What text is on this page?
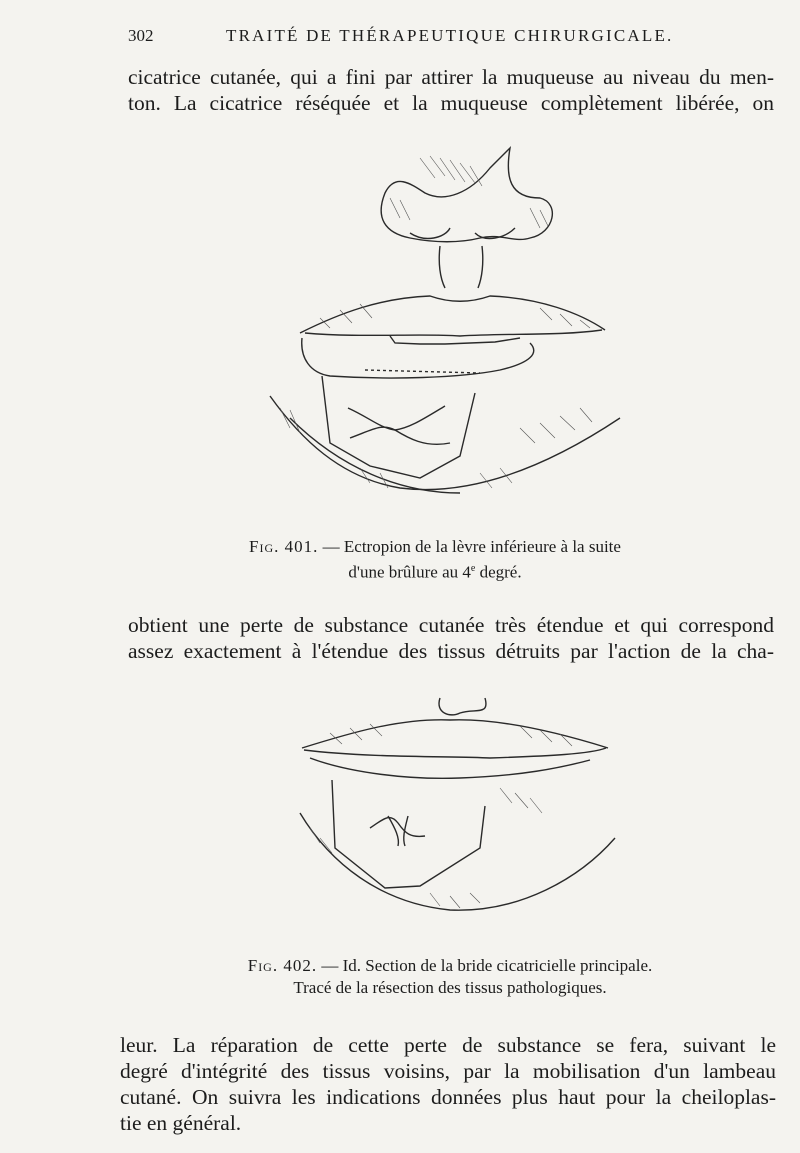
302	TRAITÉ DE THÉRAPEUTIQUE CHIRURGICALE.
cicatrice cutanée, qui a fini par attirer la muqueuse au niveau du men-
ton. La cicatrice réséquée et la muqueuse complètement libérée, on
Fig. 401. — Ectropion de la lèvre inférieure à la suite
d'une brûlure au 4e degré.
obtient une perte de substance cutanée très étendue et qui correspond
assez exactement à l'étendue des tissus détruits par l'action de la cha-
Fig. 402. — Id. Section de la bride cicatricielle principale.
Tracé de la résection des tissus pathologiques.
leur. La réparation de cette perte de substance se fera, suivant le
degré d'intégrité des tissus voisins, par la mobilisation d'un lambeau
cutané. On suivra les indications données plus haut pour la cheiloplas-
tie en général.
